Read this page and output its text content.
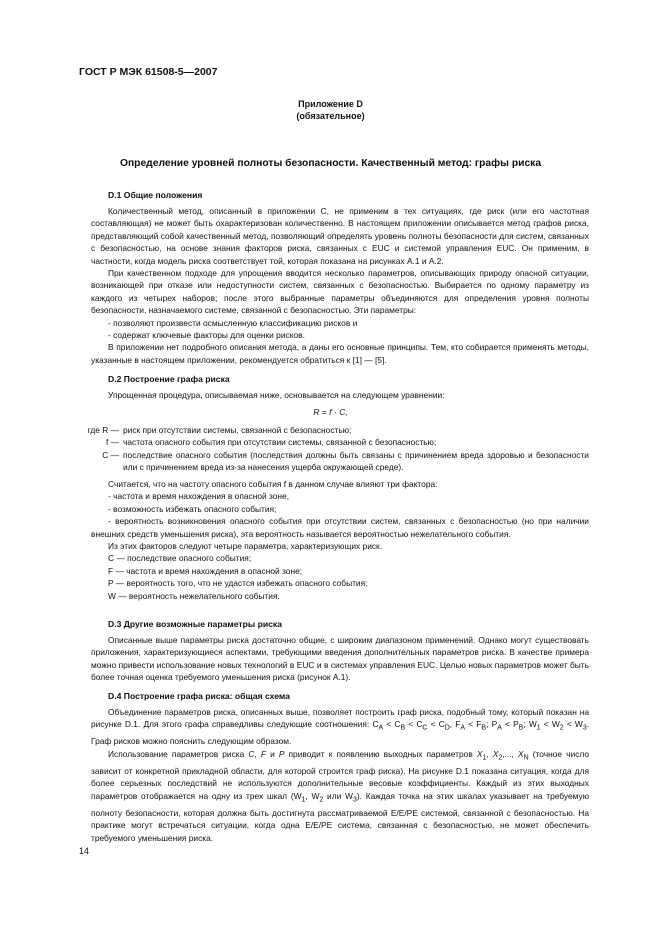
ГОСТ Р МЭК 61508-5—2007
Приложение D
(обязательное)
Определение уровней полноты безопасности. Качественный метод: графы риска
D.1 Общие положения

Количественный метод, описанный в приложении С, не применим в тех ситуациях, где риск (или его частотная составляющая) не может быть охарактеризован количественно. В настоящем приложении описывается метод графов риска, представляющий собой качественный метод, позволяющий определять уровень полноты безопасности для систем, связанных с безопасностью, на основе знания факторов риска, связанных с EUC и системой управления EUC. Он применим, в частности, когда модель риска соответствует той, которая показана на рисунках А.1 и А.2.

При качественном подходе для упрощения вводится несколько параметров, описывающих природу опасной ситуации, возникающей при отказе или недоступности систем, связанных с безопасностью. Выбирается по одному параметру из каждого из четырех наборов; после этого выбранные параметры объединяются для определения уровня полноты безопасности, назначаемого системе, связанной с безопасностью. Эти параметры:

- позволяют произвести осмысленную классификацию рисков и

- содержат ключевые факторы для оценки рисков.

В приложении нет подробного описания метода, а даны его основные принципы. Тем, кто собирается применять методы, указанные в настоящем приложении, рекомендуется обратиться к [1] — [5].

D.2 Построение графа риска

Упрощенная процедура, описываемая ниже, основывается на следующем уравнении:

R = f · C,
где R — риск при отсутствии системы, связанной с безопасностью;
f — частота опасного события при отсутствии системы, связанной с безопасностью;
C — последствие опасного события (последствия должны быть связаны с причинением вреда здоровью и безопасности или с причинением вреда из-за нанесения ущерба окружающей среде).

Считается, что на частоту опасного события f в данном случае влияют три фактора:

- частота и время нахождения в опасной зоне,

- возможность избежать опасного события;

- вероятность возникновения опасного события при отсутствии систем, связанных с безопасностью (но при наличии внешних средств уменьшения риска), эта вероятность называется вероятностью нежелательного события.

Из этих факторов следуют четыре параметра, характеризующих риск.

C — последствие опасного события;

F — частота и время нахождения в опасной зоне;

P — вероятность того, что не удастся избежать опасного события;

W — вероятность нежелательного события.

D.3 Другие возможные параметры риска

Описанные выше параметры риска достаточно общие, с широким диапазоном применений. Однако могут существовать приложения, характеризующиеся аспектами, требующими введения дополнительных параметров риска. В качестве примера можно привести использование новых технологий в EUC и в системах управления EUC. Целью новых параметров может быть более точная оценка требуемого уменьшения риска (рисунок А.1).

D.4 Построение графа риска: общая схема

Объединение параметров риска, описанных выше, позволяет построить граф риска, подобный тому, который показан на рисунке D.1. Для этого графа справедливы следующие соотношения: $C_A < C_B < C_C < C_D$, $F_A < F_B$; $P_A < P_B$; $W_1 < W_2 < W_3$. Граф рисков можно пояснить следующим образом.

Использование параметров риска C, F и P приводит к появлению выходных параметров $X_1$, $X_2$,..., $X_N$ (точное число зависит от конкретной прикладной области, для которой строится граф риска). На рисунке D.1 показана ситуация, когда для более серьезных последствий не используются дополнительные весовые коэффициенты. Каждый из этих выходных параметров отображается на одну из трех шкал ($W_1$, $W_2$ или $W_3$). Каждая точка на этих шкалах указывает на требуемую полноту безопасности, которая должна быть достигнута рассматриваемой Е/Е/РЕ системой, связанной с безопасностью. На практике могут встречаться ситуации, когда одна Е/Е/РЕ система, связанная с безопасностью, не может обеспечить требуемого уменьшения риска.

14
